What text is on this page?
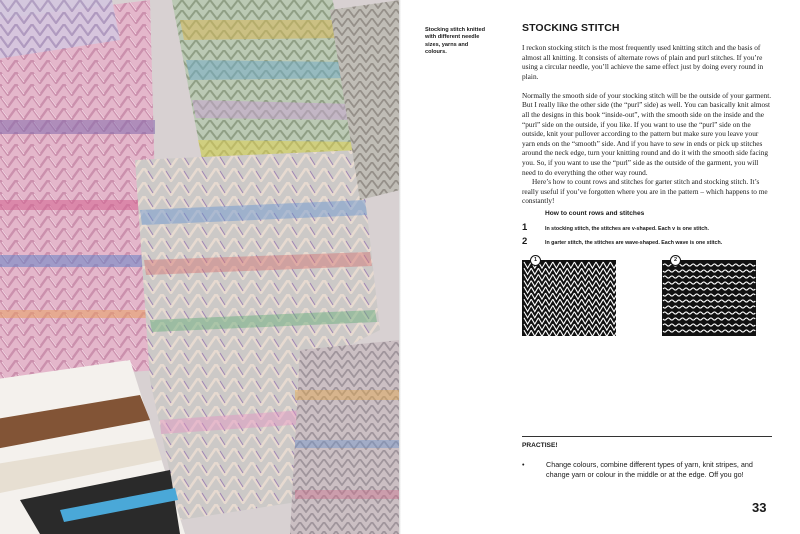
Stocking stitch knitted with different needle sizes, yarns and colours.
STOCKING STITCH

I reckon stocking stitch is the most frequently used knitting stitch and the basis of almost all knitting. It consists of alternate rows of plain and purl stitches. If you’re using a circular needle, you’ll achieve the same effect just by doing every round in plain.

Normally the smooth side of your stocking stitch will be the outside of your garment. But I really like the other side (the “purl” side) as well. You can basically knit almost all the designs in this book “inside-out”, with the smooth side on the inside and the “purl” side on the outside, if you like. If you want to use the “purl” side on the outside, knit your pullover according to the pattern but make sure you leave your yarn ends on the “smooth” side. And if you have to sew in ends or pick up stitches around the neck edge, turn your knitting round and do it with the smooth side facing you. So, if you want to use the “purl” side as the outside of the garment, you will need to do everything the other way round.

Here’s how to count rows and stitches for garter stitch and stocking stitch. It’s really useful if you’ve forgotten where you are in the pattern – which happens to me constantly!

How to count rows and stitches
1	In stocking stitch, the stitches are v-shaped. Each v is one stitch.
2	In garter stitch, the stitches are wave-shaped. Each wave is one stitch.
1	2
PRACTISE!
•	Change colours, combine different types of yarn, knit stripes, and change yarn or colour in the middle or at the edge. Off you go!

33
